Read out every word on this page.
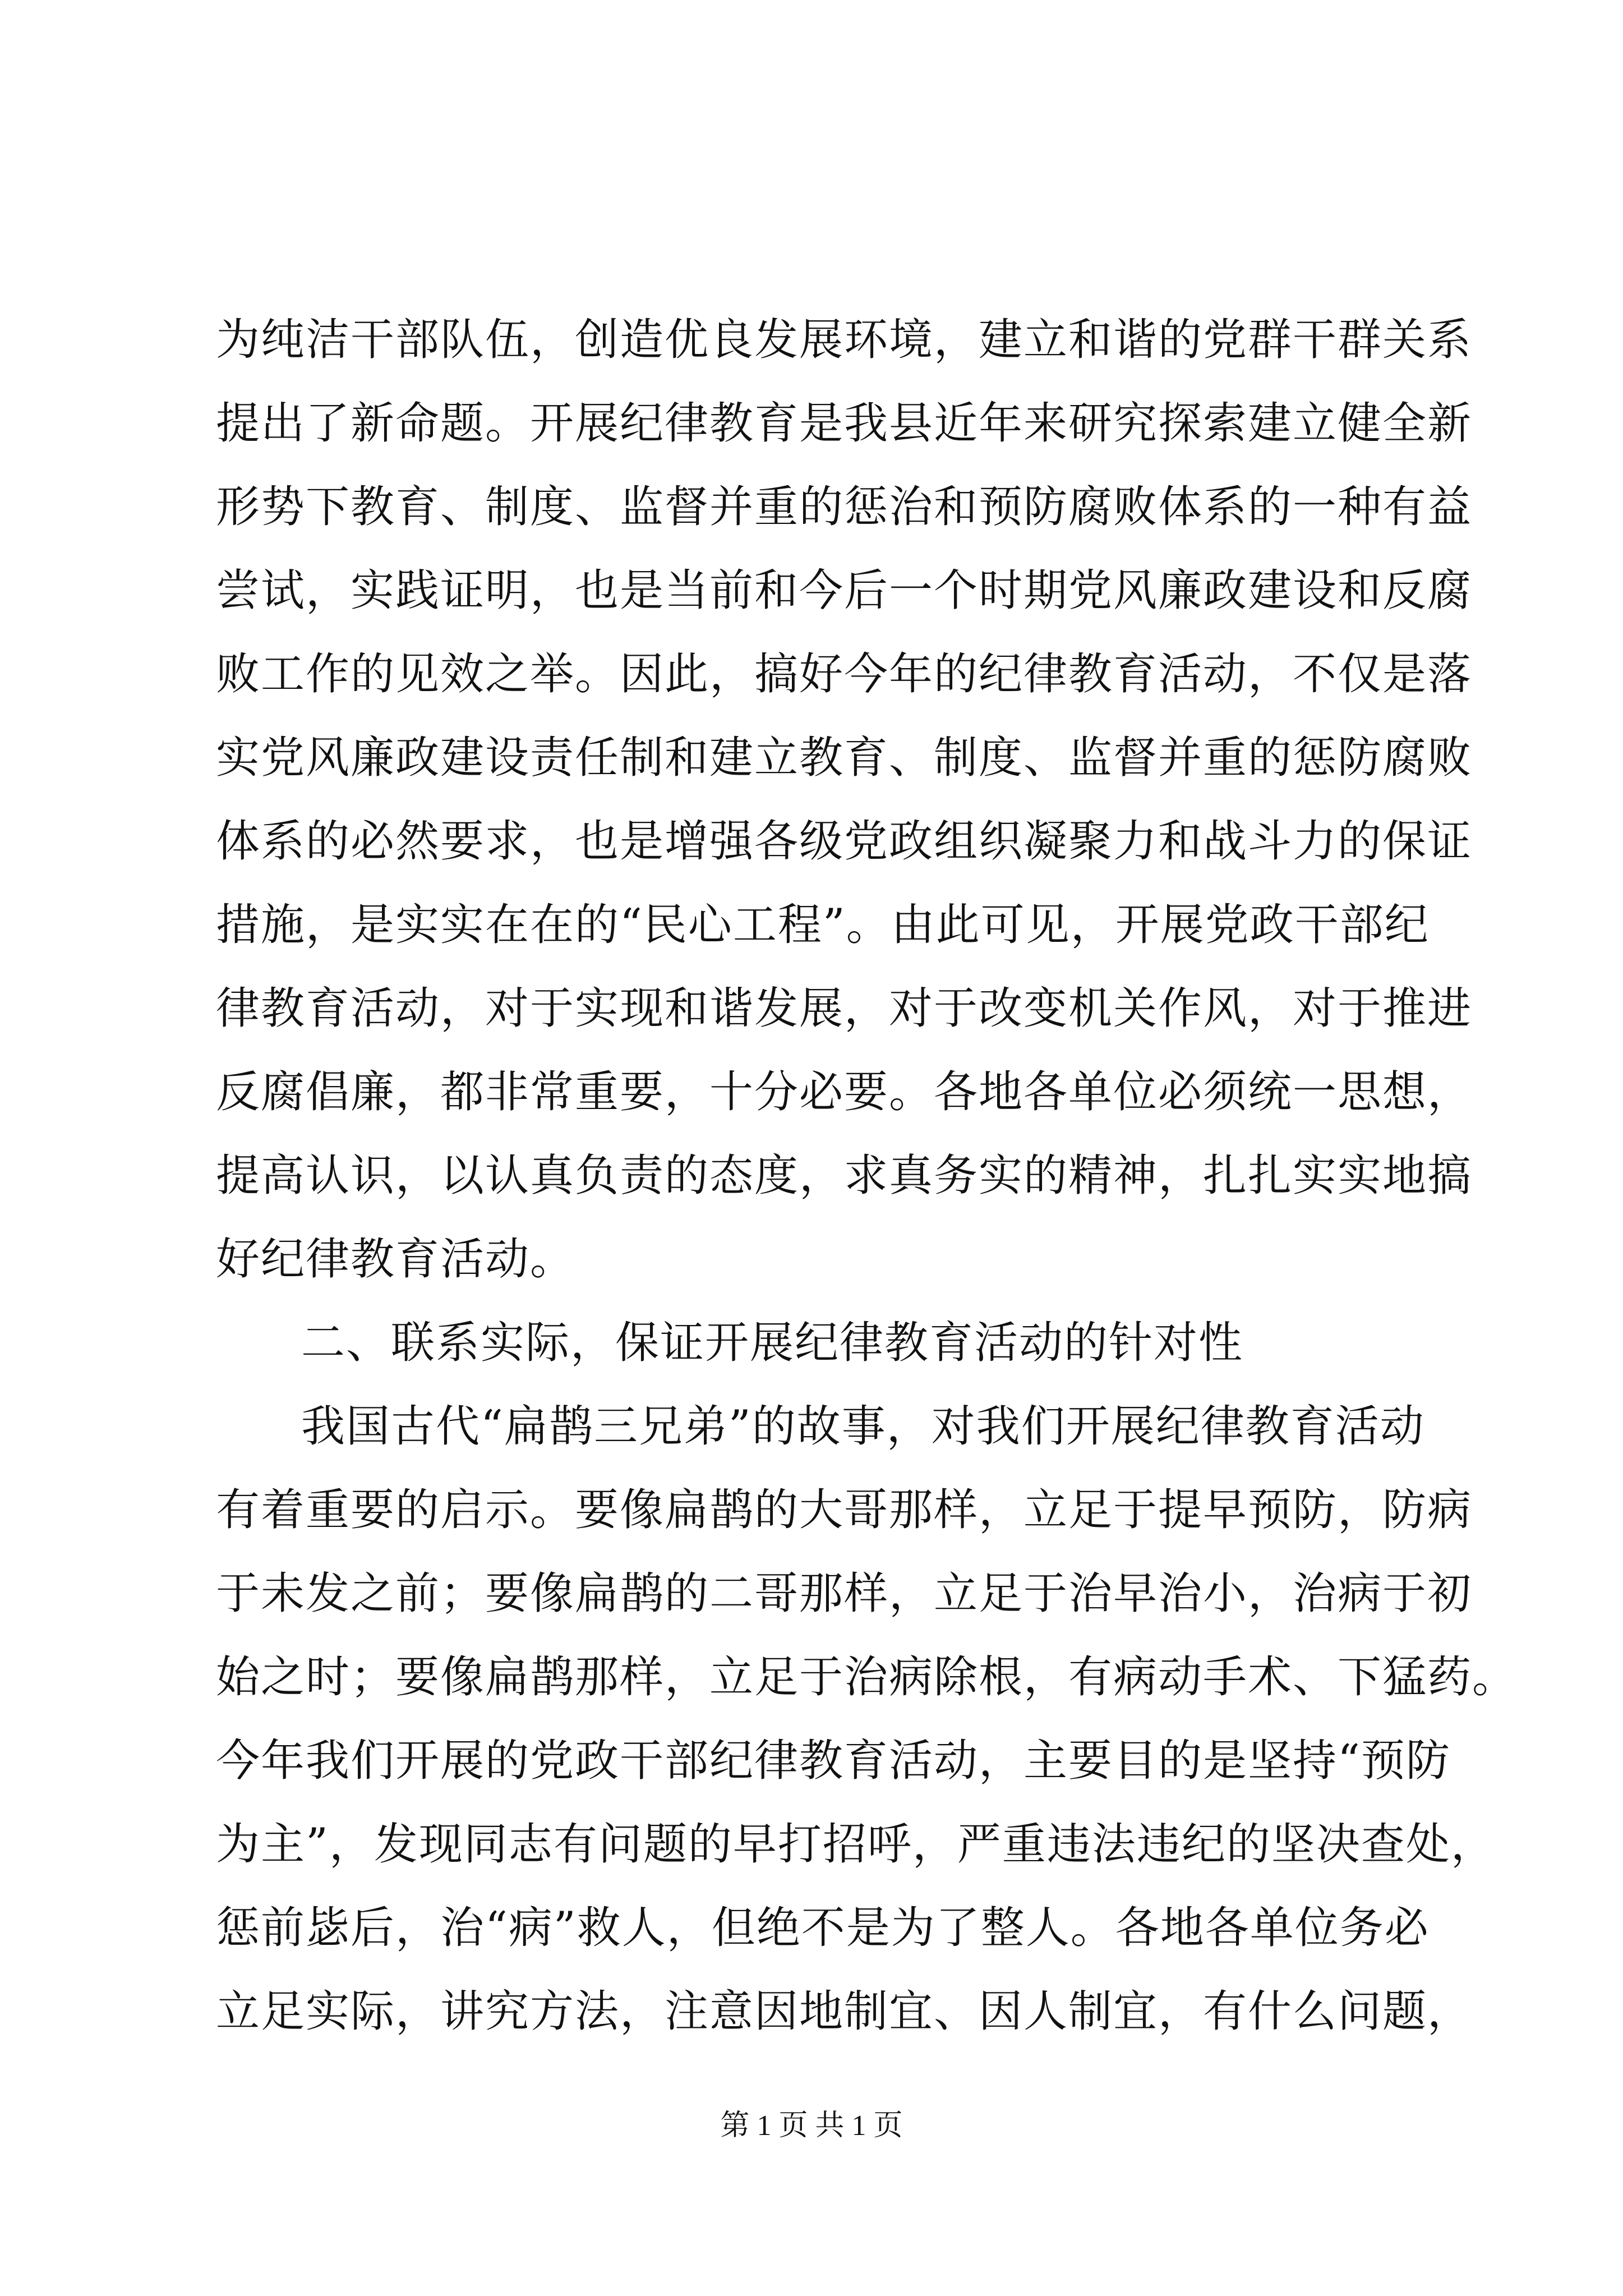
为纯洁干部队伍，创造优良发展环境，建立和谐的党群干群关系
提出了新命题。开展纪律教育是我县近年来研究探索建立健全新
形势下教育、制度、监督并重的惩治和预防腐败体系的一种有益
尝试，实践证明，也是当前和今后一个时期党风廉政建设和反腐
败工作的见效之举。因此，搞好今年的纪律教育活动，不仅是落
实党风廉政建设责任制和建立教育、制度、监督并重的惩防腐败
体系的必然要求，也是增强各级党政组织凝聚力和战斗力的保证
措施，是实实在在的“民心工程”。由此可见，开展党政干部纪
律教育活动，对于实现和谐发展，对于改变机关作风，对于推进
反腐倡廉，都非常重要，十分必要。各地各单位必须统一思想，
提高认识，以认真负责的态度，求真务实的精神，扎扎实实地搞
好纪律教育活动。
二、联系实际，保证开展纪律教育活动的针对性
我国古代“扁鹊三兄弟”的故事，对我们开展纪律教育活动
有着重要的启示。要像扁鹊的大哥那样，立足于提早预防，防病
于未发之前；要像扁鹊的二哥那样，立足于治早治小，治病于初
始之时；要像扁鹊那样，立足于治病除根，有病动手术、下猛药。
今年我们开展的党政干部纪律教育活动，主要目的是坚持“预防
为主”，发现同志有问题的早打招呼，严重违法违纪的坚决查处，
惩前毖后，治“病”救人，但绝不是为了整人。各地各单位务必
立足实际，讲究方法，注意因地制宜、因人制宜，有什么问题，
第 1 页 共 1 页
